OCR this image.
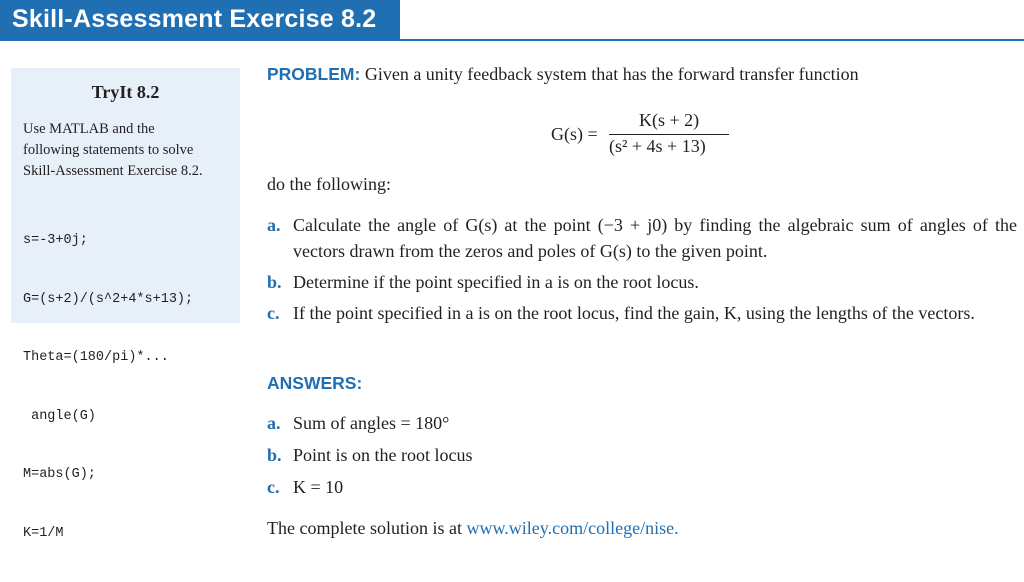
Skill-Assessment Exercise 8.2
TryIt 8.2
Use MATLAB and the
following statements to solve
Skill-Assessment Exercise 8.2.

s=-3+0j;

G=(s+2)/(s^2+4*s+13);

Theta=(180/pi)*...

angle(G)

M=abs(G);

K=1/M

PROBLEM: Given a unity feedback system that has the forward transfer function
G(s) =
K(s + 2)
(s² + 4s + 13)
do the following:
a. Calculate the angle of G(s) at the point (−3 + j0) by finding the algebraic sum of angles of the vectors drawn from the zeros and poles of G(s) to the given point.
b. Determine if the point specified in a is on the root locus.
c. If the point specified in a is on the root locus, find the gain, K, using the lengths of the vectors.
ANSWERS:
a. Sum of angles = 180°
b. Point is on the root locus
c. K = 10
The complete solution is at www.wiley.com/college/nise.
